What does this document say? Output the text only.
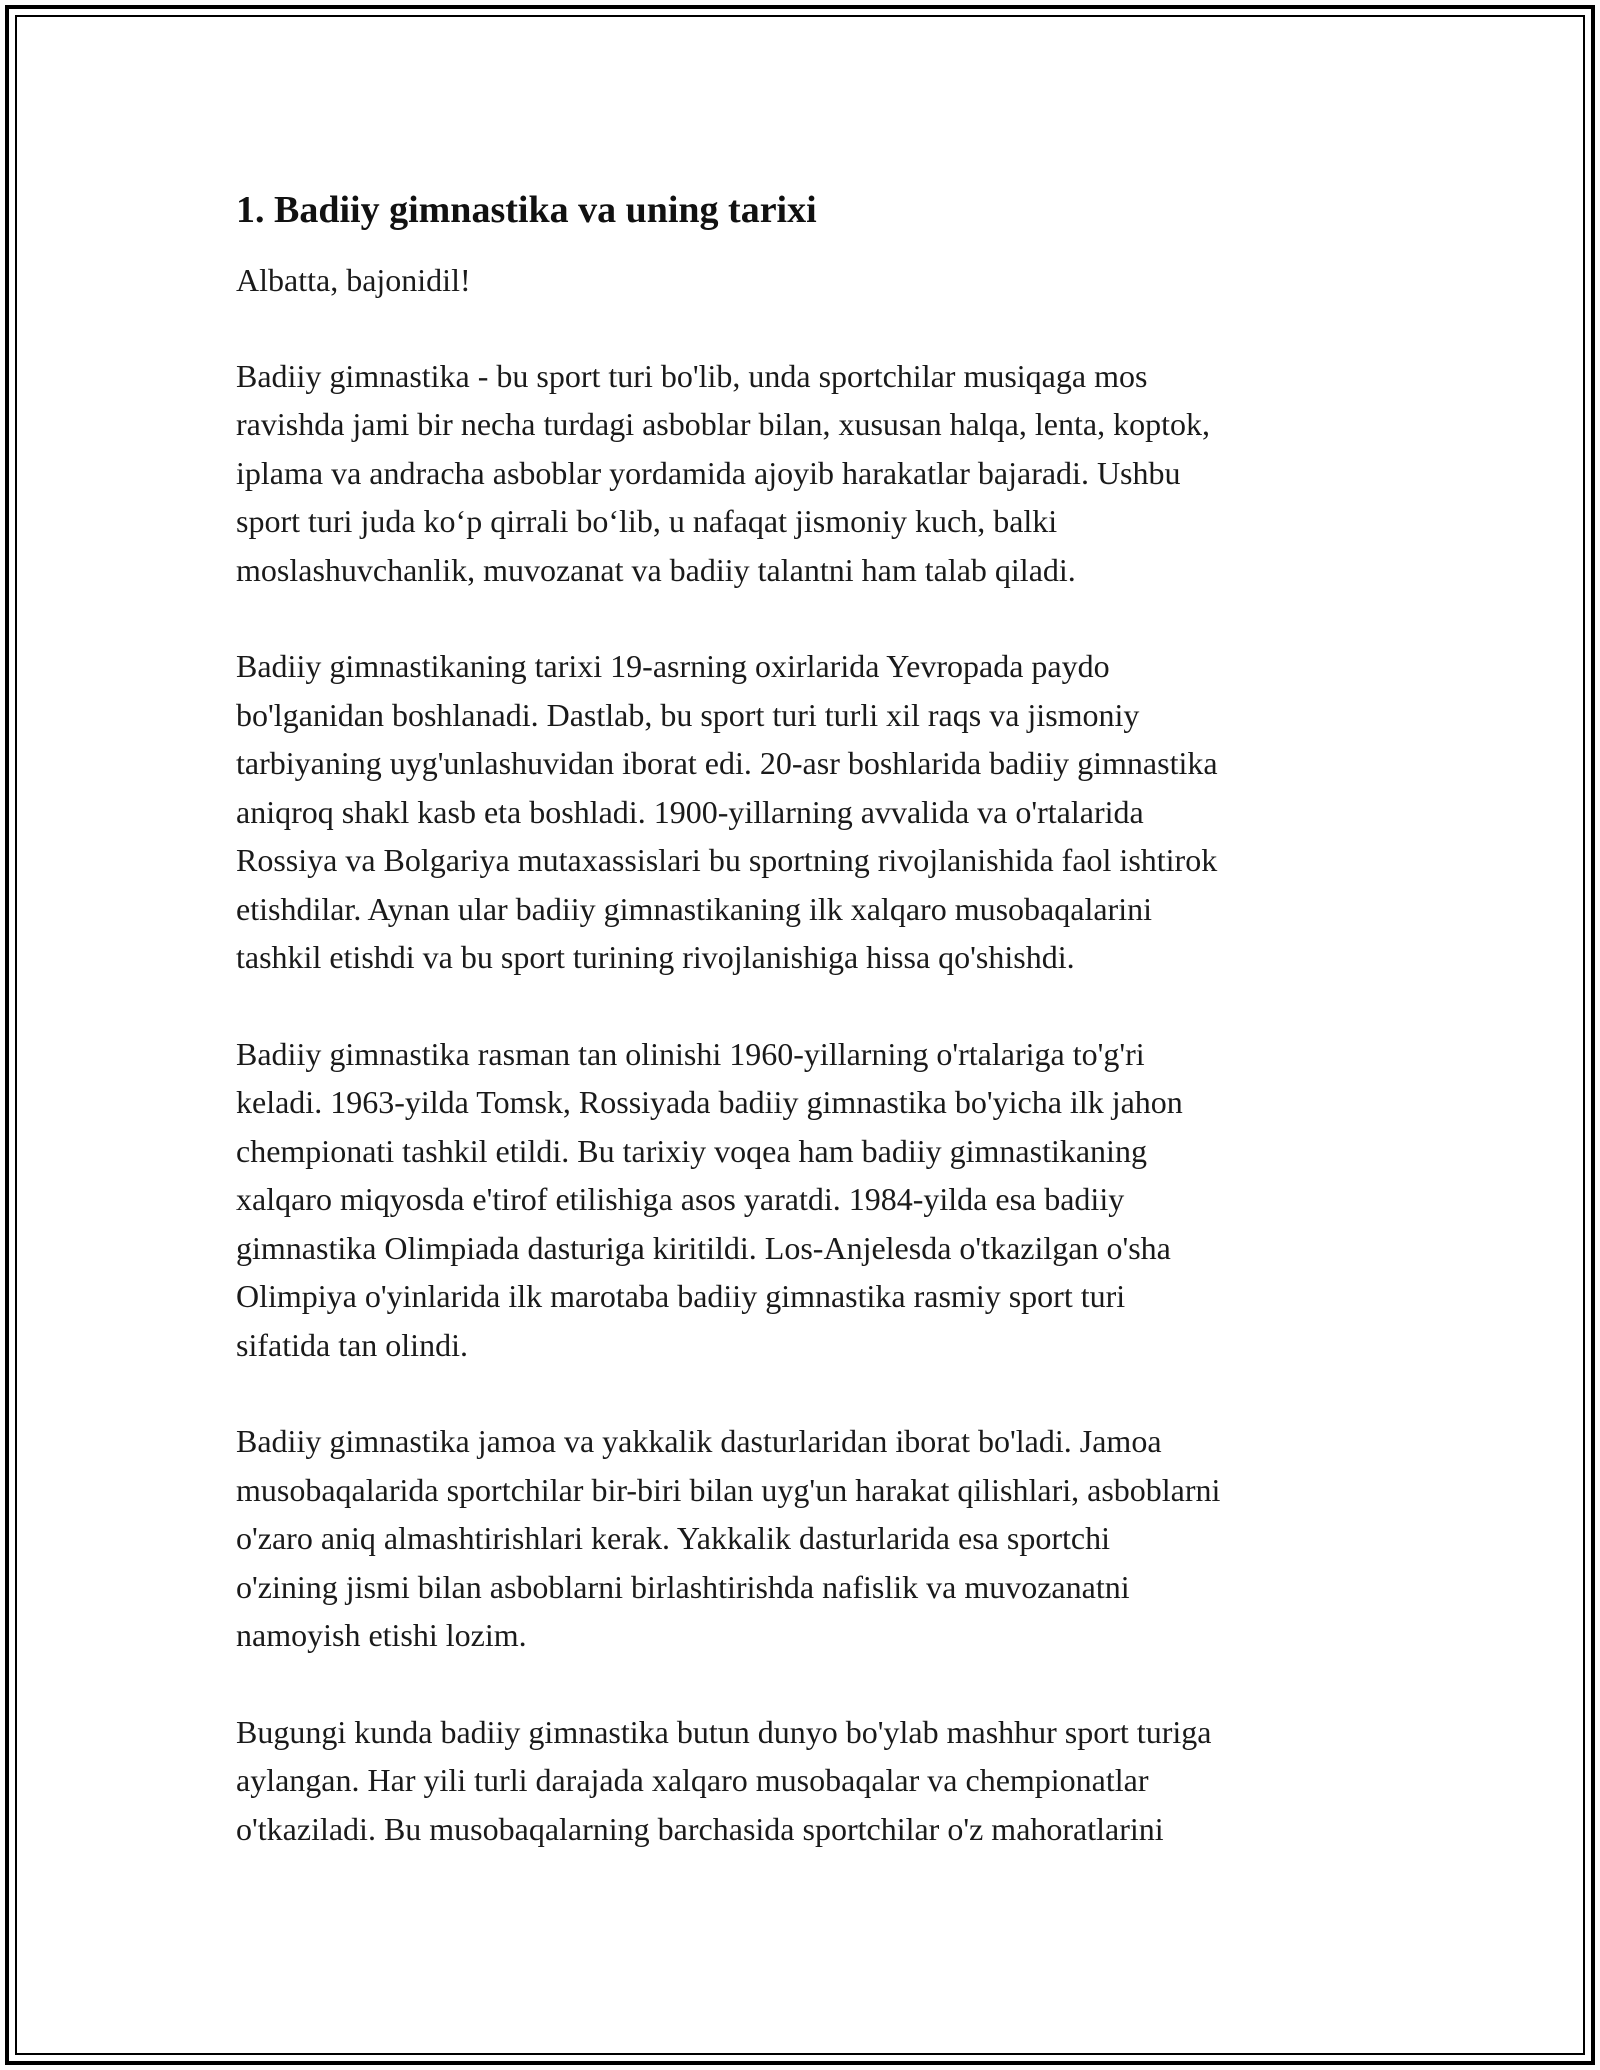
1. Badiiy gimnastika va uning tarixi

Albatta, bajonidil!

Badiiy gimnastika - bu sport turi bo'lib, unda sportchilar musiqaga mos
ravishda jami bir necha turdagi asboblar bilan, xususan halqa, lenta, koptok,
iplama va andracha asboblar yordamida ajoyib harakatlar bajaradi. Ushbu
sport turi juda ko‘p qirrali bo‘lib, u nafaqat jismoniy kuch, balki
moslashuvchanlik, muvozanat va badiiy talantni ham talab qiladi.

Badiiy gimnastikaning tarixi 19-asrning oxirlarida Yevropada paydo
bo'lganidan boshlanadi. Dastlab, bu sport turi turli xil raqs va jismoniy
tarbiyaning uyg'unlashuvidan iborat edi. 20-asr boshlarida badiiy gimnastika
aniqroq shakl kasb eta boshladi. 1900-yillarning avvalida va o'rtalarida
Rossiya va Bolgariya mutaxassislari bu sportning rivojlanishida faol ishtirok
etishdilar. Aynan ular badiiy gimnastikaning ilk xalqaro musobaqalarini
tashkil etishdi va bu sport turining rivojlanishiga hissa qo'shishdi.

Badiiy gimnastika rasman tan olinishi 1960-yillarning o'rtalariga to'g'ri
keladi. 1963-yilda Tomsk, Rossiyada badiiy gimnastika bo'yicha ilk jahon
chempionati tashkil etildi. Bu tarixiy voqea ham badiiy gimnastikaning
xalqaro miqyosda e'tirof etilishiga asos yaratdi. 1984-yilda esa badiiy
gimnastika Olimpiada dasturiga kiritildi. Los-Anjelesda o'tkazilgan o'sha
Olimpiya o'yinlarida ilk marotaba badiiy gimnastika rasmiy sport turi
sifatida tan olindi.

Badiiy gimnastika jamoa va yakkalik dasturlaridan iborat bo'ladi. Jamoa
musobaqalarida sportchilar bir-biri bilan uyg'un harakat qilishlari, asboblarni
o'zaro aniq almashtirishlari kerak. Yakkalik dasturlarida esa sportchi
o'zining jismi bilan asboblarni birlashtirishda nafislik va muvozanatni
namoyish etishi lozim.

Bugungi kunda badiiy gimnastika butun dunyo bo'ylab mashhur sport turiga
aylangan. Har yili turli darajada xalqaro musobaqalar va chempionatlar
o'tkaziladi. Bu musobaqalarning barchasida sportchilar o'z mahoratlarini
